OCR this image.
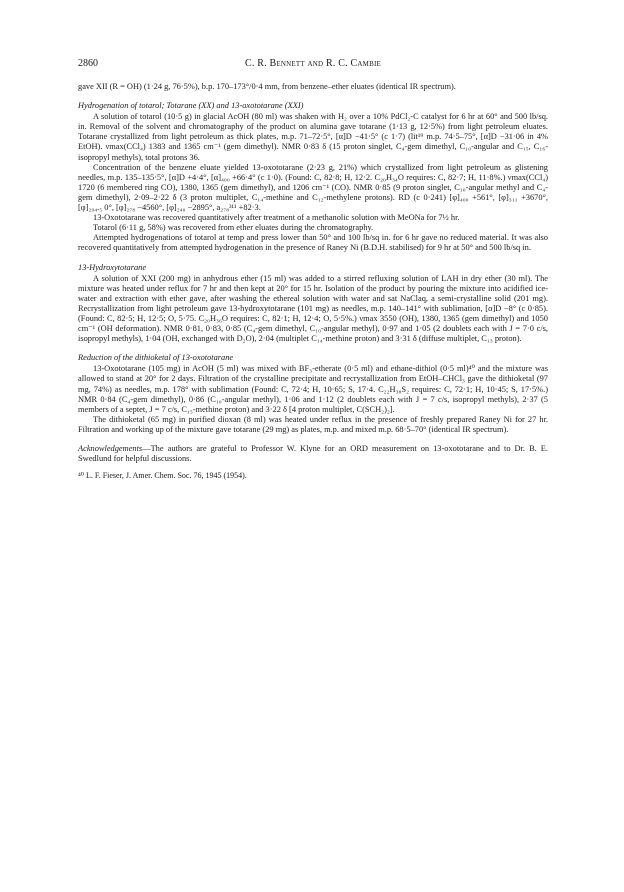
2860	C. R. Bennett and R. C. Cambie

gave XII (R = OH) (1·24 g, 76·5%), b.p. 170–173°/0·4 mm, from benzene–ether eluates (identical IR spectrum).

Hydrogenation of totarol; Totarane (XX) and 13-oxototarane (XXI)

A solution of totarol (10·5 g) in glacial AcOH (80 ml) was shaken with H₂ over a 10% PdCl₂-C catalyst for 6 hr at 60° and 500 lb/sq. in. Removal of the solvent and chromatography of the product on alumina gave totarane (1·13 g, 12·5%) from light petroleum eluates. Totarane crystallized from light petroleum as thick plates, m.p. 71–72·5°, [α]D −41·5° (c 1·7) (lit¹⁹ m.p. 74·5–75°, [α]D −31·06 in 4% EtOH). νmax(CCl₄) 1383 and 1365 cm⁻¹ (gem dimethyl). NMR 0·83 δ (15 proton singlet, C₄-gem dimethyl, C₁₀-angular and C₁₅, C₁₆-isopropyl methyls), total protons 36.

Concentration of the benzene eluate yielded 13-oxototarane (2·23 g, 21%) which crystallized from light petroleum as glistening needles, m.p. 135–135·5°, [α]D +4·4°, [α]₄₀₀ +66·4° (c 1·0). (Found: C, 82·8; H, 12·2. C₂₀H₃₄O requires: C, 82·7; H, 11·8%.) νmax(CCl₄) 1720 (6 membered ring CO), 1380, 1365 (gem dimethyl), and 1206 cm⁻¹ (CO). NMR 0·85 (9 proton singlet, C₁₀-angular methyl and C₄-gem dimethyl), 2·09–2·22 δ (3 proton multiplet, C₁₄-methine and C₁₂-methylene protons). RD (c 0·241) [φ]₄₀₀ +561°, [φ]₃₁₁ +3670°, [φ]₂₉₄.₅ 0°, [φ]₂₇₈ −4560°, [φ]₂₄₀ −2895°, a₂₇₈³¹¹ +82·3.

13-Oxototarane was recovered quantitatively after treatment of a methanolic solution with MeONa for 7½ hr.

Totarol (6·11 g, 58%) was recovered from ether eluates during the chromatography.

Attempted hydrogenations of totarol at temp and press lower than 50° and 100 lb/sq in. for 6 hr gave no reduced material. It was also recovered quantitatively from attempted hydrogenation in the presence of Raney Ni (B.D.H. stabilised) for 9 hr at 50° and 500 lb/sq in.

13-Hydroxytotarane

A solution of XXI (200 mg) in anhydrous ether (15 ml) was added to a stirred refluxing solution of LAH in dry ether (30 ml). The mixture was heated under reflux for 7 hr and then kept at 20° for 15 hr. Isolation of the product by pouring the mixture into acidified ice-water and extraction with ether gave, after washing the ethereal solution with water and sat NaClaq, a semi-crystalline solid (201 mg). Recrystallization from light petroleum gave 13-hydroxytotarane (101 mg) as needles, m.p. 140–141° with sublimation, [α]D −8° (c 0·85). (Found: C, 82·5; H, 12·5; O, 5·75. C₂₀H₃₆O requires: C, 82·1; H, 12·4; O, 5·5%.) νmax 3550 (OH), 1380, 1365 (gem dimethyl) and 1050 cm⁻¹ (OH deformation). NMR 0·81, 0·83, 0·85 (C₄-gem dimethyl, C₁₀-angular methyl), 0·97 and 1·05 (2 doublets each with J = 7·0 c/s, isopropyl methyls), 1·04 (OH, exchanged with D₂O), 2·04 (multiplet C₁₄-methine proton) and 3·31 δ (diffuse multiplet, C₁₃ proton).

Reduction of the dithioketal of 13-oxototarane

13-Oxototarane (105 mg) in AcOH (5 ml) was mixed with BF₃-etherate (0·5 ml) and ethane-dithiol (0·5 ml)⁴⁰ and the mixture was allowed to stand at 20° for 2 days. Filtration of the crystalline precipitate and recrystallization from EtOH–CHCl₃ gave the dithioketal (97 mg, 74%) as needles, m.p. 178° with sublimation (Found: C, 72·4; H, 10·65; S, 17·4. C₂₂H₃₈S₂ requires: C, 72·1; H, 10·45; S, 17·5%.) NMR 0·84 (C₄-gem dimethyl), 0·86 (C₁₀-angular methyl), 1·06 and 1·12 (2 doublets each with J = 7 c/s, isopropyl methyls), 2·37 (5 members of a septet, J = 7 c/s, C₁₅-methine proton) and 3·22 δ [4 proton multiplet, C(SCH₂)₂].

The dithioketal (65 mg) in purified dioxan (8 ml) was heated under reflux in the presence of freshly prepared Raney Ni for 27 hr. Filtration and working up of the mixture gave totarane (29 mg) as plates, m.p. and mixed m.p. 68·5–70° (identical IR spectrum).

Acknowledgements—The authors are grateful to Professor W. Klyne for an ORD measurement on 13-oxototarane and to Dr. B. E. Swedlund for helpful discussions.

⁴⁰ L. F. Fieser, J. Amer. Chem. Soc. 76, 1945 (1954).
